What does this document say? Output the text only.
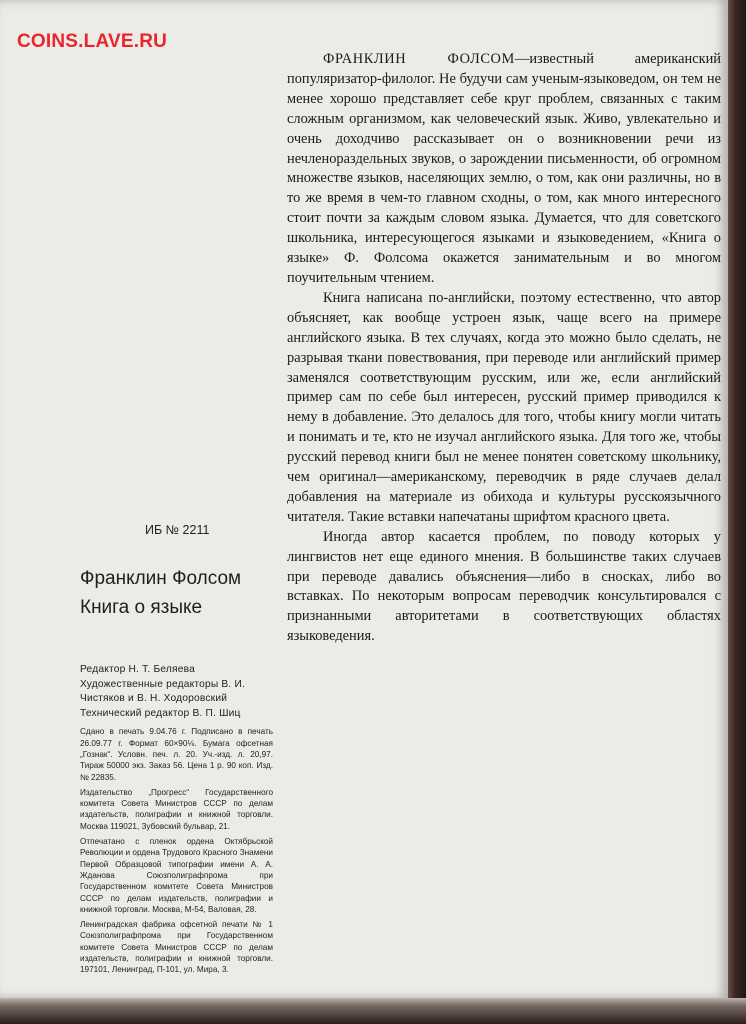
COINS.LAVE.RU

ФРАНКЛИН ФОЛСОМ—известный американский популяризатор-филолог. Не будучи сам ученым-языковедом, он тем не менее хорошо представляет себе круг проблем, связанных с таким сложным организмом, как человеческий язык. Живо, увлекательно и очень доходчиво рассказывает он о возникновении речи из нечленораздельных звуков, о зарождении письменности, об огромном множестве языков, населяющих землю, о том, как они различны, но в то же время в чем-то главном сходны, о том, как много интересного стоит почти за каждым словом языка. Думается, что для советского школьника, интересующегося языками и языковедением, «Книга о языке» Ф. Фолсома окажется занимательным и во многом поучительным чтением.

Книга написана по-английски, поэтому естественно, что автор объясняет, как вообще устроен язык, чаще всего на примере английского языка. В тех случаях, когда это можно было сделать, не разрывая ткани повествования, при переводе или английский пример заменялся соответствующим русским, или же, если английский пример сам по себе был интересен, русский пример приводился к нему в добавление. Это делалось для того, чтобы книгу могли читать и понимать и те, кто не изучал английского языка. Для того же, чтобы русский перевод книги был не менее понятен советскому школьнику, чем оригинал—американскому, переводчик в ряде случаев делал добавления на материале из обихода и культуры русскоязычного читателя. Такие вставки напечатаны шрифтом красного цвета.

Иногда автор касается проблем, по поводу которых у лингвистов нет еще единого мнения. В большинстве таких случаев при переводе давались объяснения—либо в сносках, либо во вставках. По некоторым вопросам переводчик консультировался с признанными авторитетами в соответствующих областях языковедения.

ИБ № 2211
Франклин Фолсом
Книга о языке

Редактор Н. Т. Беляева Художественные редакторы В. И. Чистяков и В. Н. Ходоровский Технический редактор В. П. Шиц

Сдано в печать 9.04.76 г. Подписано в печать 26.09.77 г. Формат 60×90⅛. Бумага офсетная „Гознак“. Условн. печ. л. 20. Уч.-изд. л. 20,97. Тираж 50000 экз. Заказ 56. Цена 1 р. 90 коп. Изд. № 22835.

Издательство „Прогресс“ Государственного комитета Совета Министров СССР по делам издательств, полиграфии и книжной торговли. Москва 119021, Зубовский бульвар, 21.

Отпечатано с пленок ордена Октябрьской Революции и ордена Трудового Красного Знамени Первой Образцовой типографии имени А. А. Жданова Союзполиграфпрома при Государственном комитете Совета Министров СССР по делам издательств, полиграфии и книжной торговли. Москва, М-54, Валовая, 28.

Ленинградская фабрика офсетной печати № 1 Союзполиграфпрома при Государственном комитете Совета Министров СССР по делам издательств, полиграфии и книжной торговли. 197101, Ленинград, П-101, ул. Мира, 3.
